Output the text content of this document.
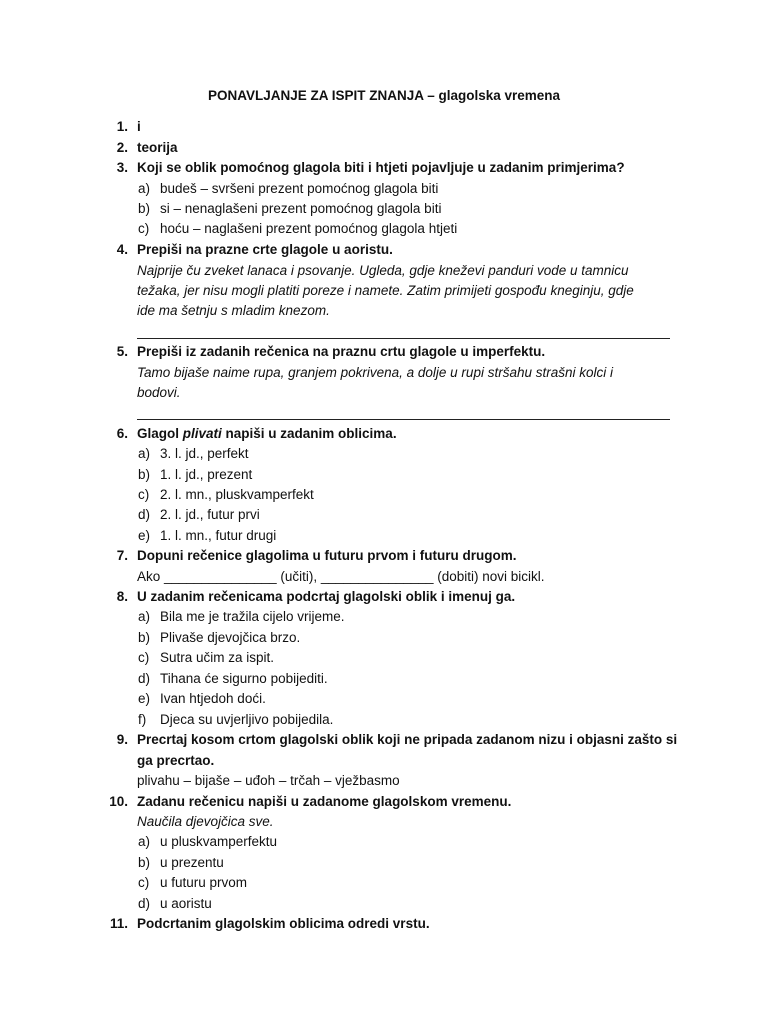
PONAVLJANJE ZA ISPIT ZNANJA – glagolska vremena
1. i
2. teorija
3. Koji se oblik pomoćnog glagola biti i htjeti pojavljuje u zadanim primjerima?
a) budeš – svršeni prezent pomoćnog glagola biti
b) si – nenaglašeni prezent pomoćnog glagola biti
c) hoću – naglašeni prezent pomoćnog glagola htjeti
4. Prepiši na prazne crte glagole u aoristu.
Najprije ču zveket lanaca i psovanje. Ugleda, gdje kneževi panduri vode u tamnicu
težaka, jer nisu mogli platiti poreze i namete. Zatim primijeti gospođu kneginju, gdje
ide ma šetnju s mladim knezom.
5. Prepiši iz zadanih rečenica na praznu crtu glagole u imperfektu.
Tamo bijaše naime rupa, granjem pokrivena, a dolje u rupi stršahu strašni kolci i
bodovi.
6. Glagol plivati napiši u zadanim oblicima.
a) 3. l. jd., perfekt
b) 1. l. jd., prezent
c) 2. l. mn., pluskvamperfekt
d) 2. l. jd., futur prvi
e) 1. l. mn., futur drugi
7. Dopuni rečenice glagolima u futuru prvom i futuru drugom.
Ako _______________ (učiti), _______________ (dobiti) novi bicikl.
8. U zadanim rečenicama podcrtaj glagolski oblik i imenuj ga.
a) Bila me je tražila cijelo vrijeme.
b) Plivaše djevojčica brzo.
c) Sutra učim za ispit.
d) Tihana će sigurno pobijediti.
e) Ivan htjedoh doći.
f) Djeca su uvjerljivo pobijedila.
9. Precrtaj kosom crtom glagolski oblik koji ne pripada zadanom nizu i objasni zašto si
ga precrtao.
plivahu – bijaše – uđoh – trčah – vježbasmo
10. Zadanu rečenicu napiši u zadanome glagolskom vremenu.
Naučila djevojčica sve.
a) u pluskvamperfektu
b) u prezentu
c) u futuru prvom
d) u aoristu
11. Podcrtanim glagolskim oblicima odredi vrstu.
